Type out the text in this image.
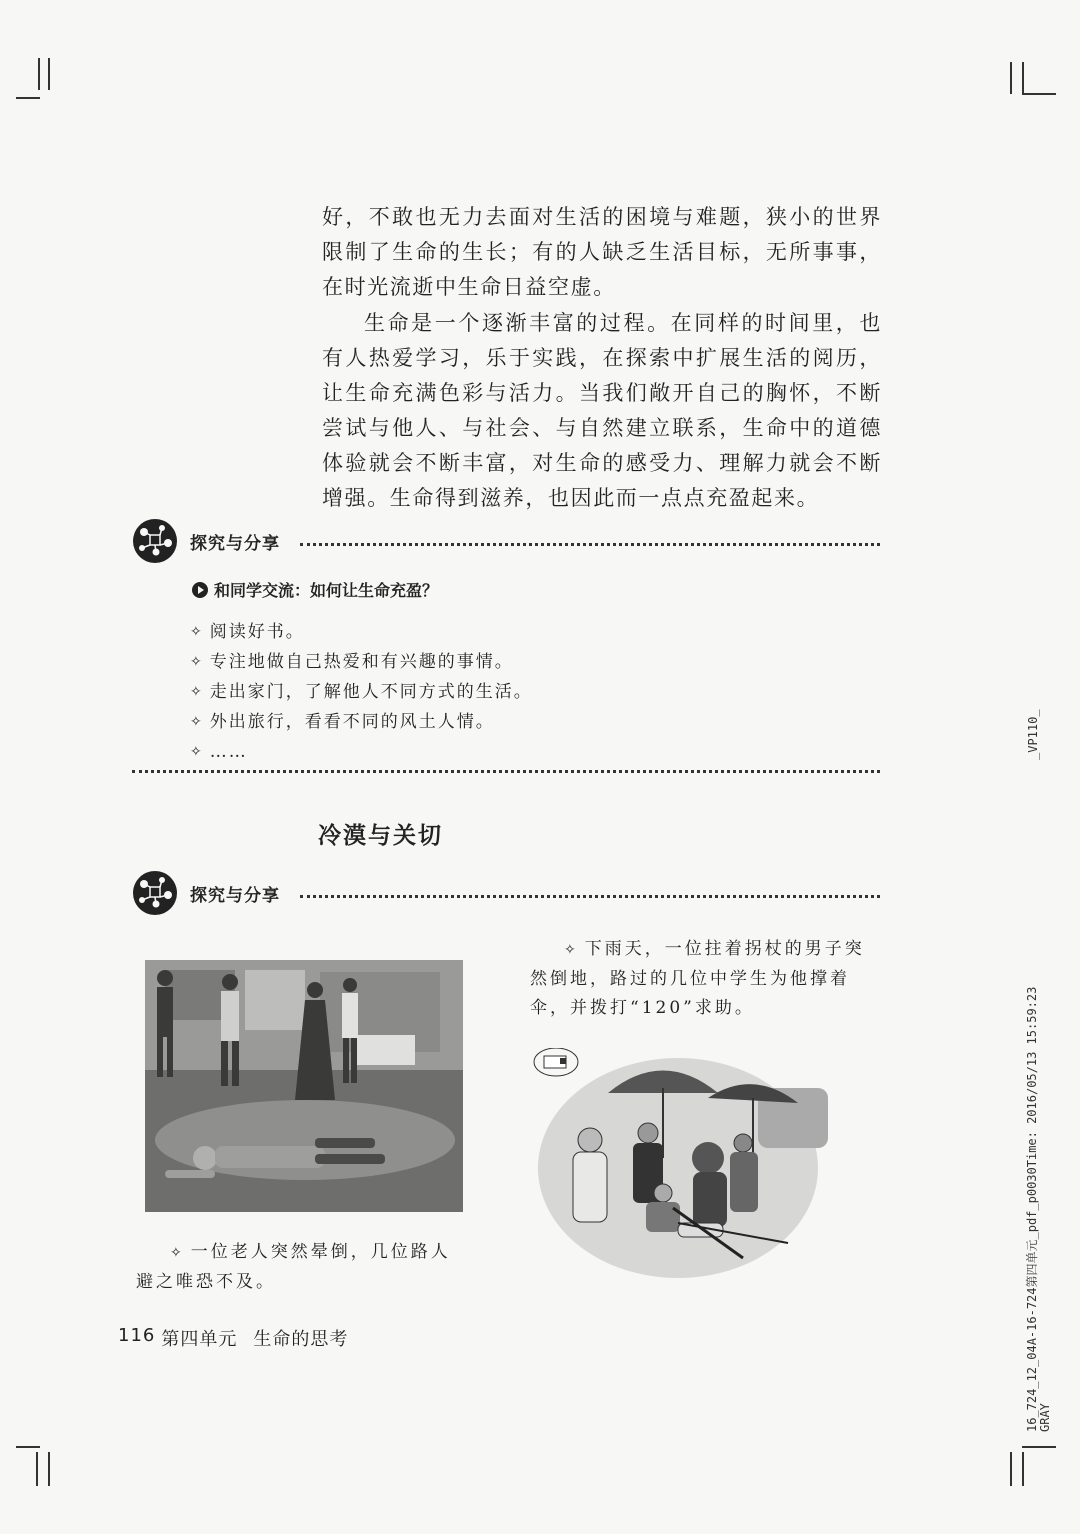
好，不敢也无力去面对生活的困境与难题，狭小的世界限制了生命的生长；有的人缺乏生活目标，无所事事，在时光流逝中生命日益空虚。

生命是一个逐渐丰富的过程。在同样的时间里，也有人热爱学习，乐于实践，在探索中扩展生活的阅历，让生命充满色彩与活力。当我们敞开自己的胸怀，不断尝试与他人、与社会、与自然建立联系，生命中的道德体验就会不断丰富，对生命的感受力、理解力就会不断增强。生命得到滋养，也因此而一点点充盈起来。

探究与分享
和同学交流：如何让生命充盈？
✧ 阅读好书。
✧ 专注地做自己热爱和有兴趣的事情。
✧ 走出家门，了解他人不同方式的生活。
✧ 外出旅行，看看不同的风土人情。
✧ ……
冷漠与关切
探究与分享

✧ 下雨天，一位拄着拐杖的男子突然倒地，路过的几位中学生为他撑着伞，并拨打“120”求助。

✧ 一位老人突然晕倒，几位路人避之唯恐不及。

116 第四单元 生命的思考
_VP110_
16_724_12_04A-16-724第四单元_pdf_p0030Time: 2016/05/13 15:59:23 GRAY
